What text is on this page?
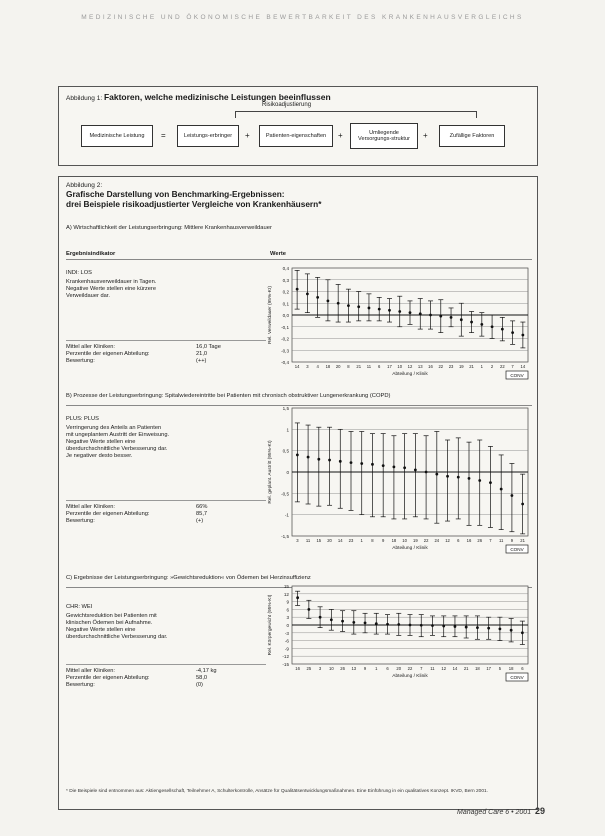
MEDIZINISCHE UND ÖKONOMISCHE BEWERTBARKEIT DES KRANKENHAUSVERGLEICHS
Abbildung 1: Faktoren, welche medizinische Leistungen beeinflussen
Risikoadjustierung
Medizinische Leistung	=	Leistungs-erbringer	+	Patienten-eigenschaften	+	Umliegende Versorgungs-struktur	+	Zufällige Faktoren
Abbildung 2:
Grafische Darstellung von Benchmarking-Ergebnissen:
drei Beispiele risikoadjustierter Vergleiche von Krankenhäusern*
A) Wirtschaftlichkeit der Leistungserbringung: Mittlere Krankenhausverweildauer
Ergebnisindikator	Werte
INDI: LOS
Krankenhausverweildauer in Tagen.
Negative Werte stellen eine kürzere
Verweildauer dar.
Mittel aller Kliniken:	16,0 Tage
Perzentile der eigenen Abteilung:	21,0
Bewertung:	(++)
0,4
0,3
0,2
0,1
0,0
-0,1
-0,2
-0,3
-0,4
14 3 4 18 20 8 21 11 6 17 10 12 13 16 22 23 19 21 1 2 22 7 14
Abteilung / Klinik
Rel. Verweildauer (95%-KI)
CONV
B) Prozesse der Leistungserbringung: Spitalwiedereintritte bei Patienten mit chronisch obstruktiver Lungenerkrankung (COPD)
PLUS: PLUS
Verringerung des Anteils an Patienten
mit ungeplantem Austritt der Einweisung.
Negative Werte stellen eine
überdurchschnittliche Verbesserung dar.
Je negativer desto besser.
Mittel aller Kliniken:	66%
Perzentile der eigenen Abteilung:	85,7
Bewertung:	(+)
1,5
1
0,5
0
-0,5
-1
-1,5
3 11 15 20 14 23 1 8 9 18 10 19 22 24 12 6 16 26 7 11 9 21
Abteilung / Klinik
Rel. geplant. Austritt (95%-KI)
CONV
C) Ergebnisse der Leistungserbringung: »Gewichtsreduktion« von Ödemen bei Herzinsuffizienz
CHR: WEI
Gewichtsreduktion bei Patienten mit
klinischen Ödemen bei Aufnahme.
Negative Werte stellen eine
überdurchschnittliche Verbesserung dar.
Mittel aller Kliniken:	-4,17 kg
Perzentile der eigenen Abteilung:	58,0
Bewertung:	(0)
15
12
9
6
3
0
-3
-6
-9
-12
-15
16 25 3 10 26 13 9 1 6 20 22 7 11 12 14 21 18 17 5 18 6
Abteilung / Klinik
Rel. Körpergewicht (95%-KI)
CONV
* Die Beispiele sind entnommen aus: Aktiengesellschaft, Teilnehmer A, Schulterkontrolle, Ansätze für Qualitätsentwicklungsmaßnahmen. Eine Einführung in ein qualitatives Konzept. IKVD, Bern 2001.
Managed Care 6 • 2001 29
